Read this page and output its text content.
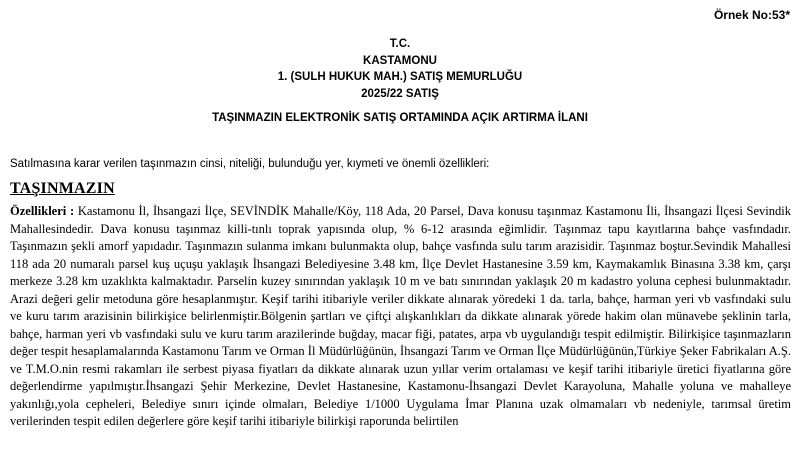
Örnek No:53*
T.C.
KASTAMONU
1. (SULH HUKUK MAH.) SATIŞ MEMURLUĞU
2025/22 SATIŞ
TAŞINMAZIN ELEKTRONİK SATIŞ ORTAMINDA AÇIK ARTIRMA İLANI
Satılmasına karar verilen taşınmazın cinsi, niteliği, bulunduğu yer, kıymeti ve önemli özellikleri:
TAŞINMAZIN

Özellikleri : Kastamonu İl, İhsangazi İlçe, SEVİNDİK Mahalle/Köy, 118 Ada, 20 Parsel, Dava konusu taşınmaz Kastamonu İli, İhsangazi İlçesi Sevindik Mahallesindedir. Dava konusu taşınmaz killi-tınlı toprak yapısında olup, % 6-12 arasında eğimlidir. Taşınmaz tapu kayıtlarına bahçe vasfındadır. Taşınmazın şekli amorf yapıdadır. Taşınmazın sulanma imkanı bulunmakta olup, bahçe vasfında sulu tarım arazisidir. Taşınmaz boştur.Sevindik Mahallesi 118 ada 20 numaralı parsel kuş uçuşu yaklaşık İhsangazi Belediyesine 3.48 km, İlçe Devlet Hastanesine 3.59 km, Kaymakamlık Binasına 3.38 km, çarşı merkeze 3.28 km uzaklıkta kalmaktadır. Parselin kuzey sınırından yaklaşık 10 m ve batı sınırından yaklaşık 20 m kadastro yoluna cephesi bulunmaktadır. Arazi değeri gelir metoduna göre hesaplanmıştır. Keşif tarihi itibariyle veriler dikkate alınarak yöredeki 1 da. tarla, bahçe, harman yeri vb vasfındaki sulu ve kuru tarım arazisinin bilirkişice belirlenmiştir.Bölgenin şartları ve çiftçi alışkanlıkları da dikkate alınarak yörede hakim olan münavebe şeklinin tarla, bahçe, harman yeri vb vasfındaki sulu ve kuru tarım arazilerinde buğday, macar fiği, patates, arpa vb uygulandığı tespit edilmiştir. Bilirkişice taşınmazların değer tespit hesaplamalarında Kastamonu Tarım ve Orman İl Müdürlüğünün, İhsangazi Tarım ve Orman İlçe Müdürlüğünün,Türkiye Şeker Fabrikaları A.Ş. ve T.M.O.nin resmi rakamları ile serbest piyasa fiyatları da dikkate alınarak uzun yıllar verim ortalaması ve keşif tarihi itibariyle üretici fiyatlarına göre değerlendirme yapılmıştır.İhsangazi Şehir Merkezine, Devlet Hastanesine, Kastamonu-İhsangazi Devlet Karayoluna, Mahalle yoluna ve mahalleye yakınlığı,yola cepheleri, Belediye sınırı içinde olmaları, Belediye 1/1000 Uygulama İmar Planına uzak olmamaları vb nedeniyle, tarımsal üretim verilerinden tespit edilen değerlere göre keşif tarihi itibariyle bilirkişi raporunda belirtilen
